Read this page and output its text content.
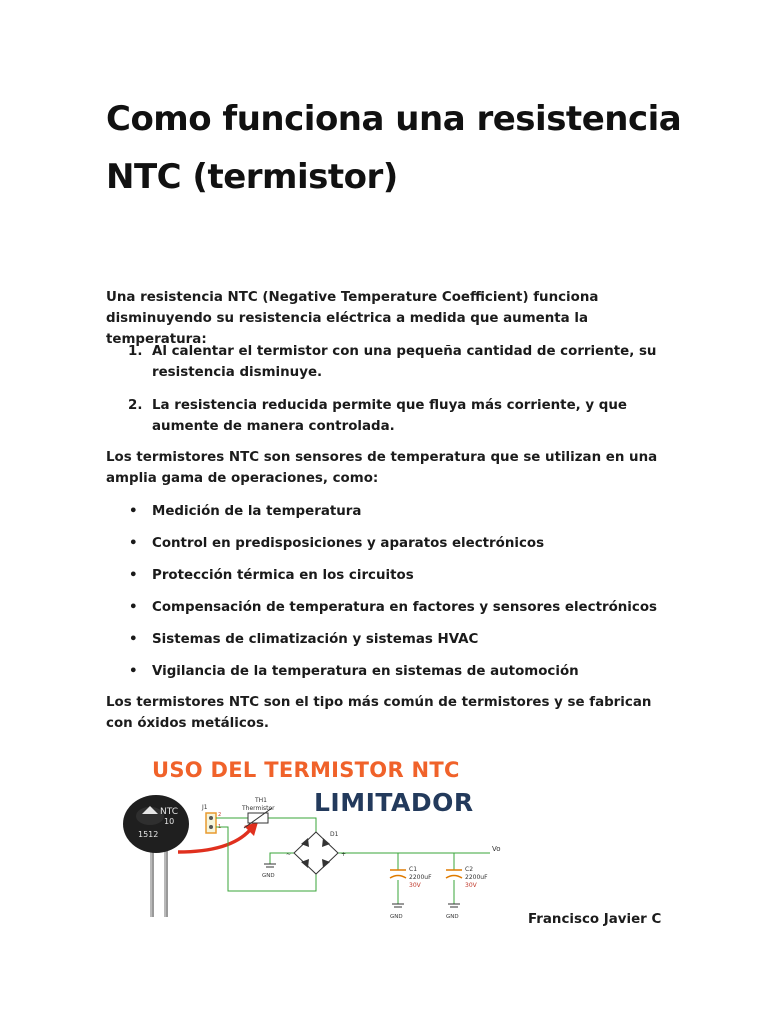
Como funciona una resistencia
NTC (termistor)

Una resistencia NTC (Negative Temperature Coefficient) funciona disminuyendo su resistencia eléctrica a medida que aumenta la temperatura:

1. Al calentar el termistor con una pequeña cantidad de corriente, su resistencia disminuye.
2. La resistencia reducida permite que fluya más corriente, y que aumente de manera controlada.

Los termistores NTC son sensores de temperatura que se utilizan en una amplia gama de operaciones, como:

• Medición de la temperatura
• Control en predisposiciones y aparatos electrónicos
• Protección térmica en los circuitos
• Compensación de temperatura en factores y sensores electrónicos
• Sistemas de climatización y sistemas HVAC
• Vigilancia de la temperatura en sistemas de automoción

Los termistores NTC son el tipo más común de termistores y se fabrican con óxidos metálicos.

USO DEL TERMISTOR NTC
LIMITADOR
NTC
10
1512
J1
2
1
TH1
Thermistor
D1
~	+
GND
Vo
C1
2200uF
30V
GND
C2
2200uF
30V
GND	Francisco Javier C
